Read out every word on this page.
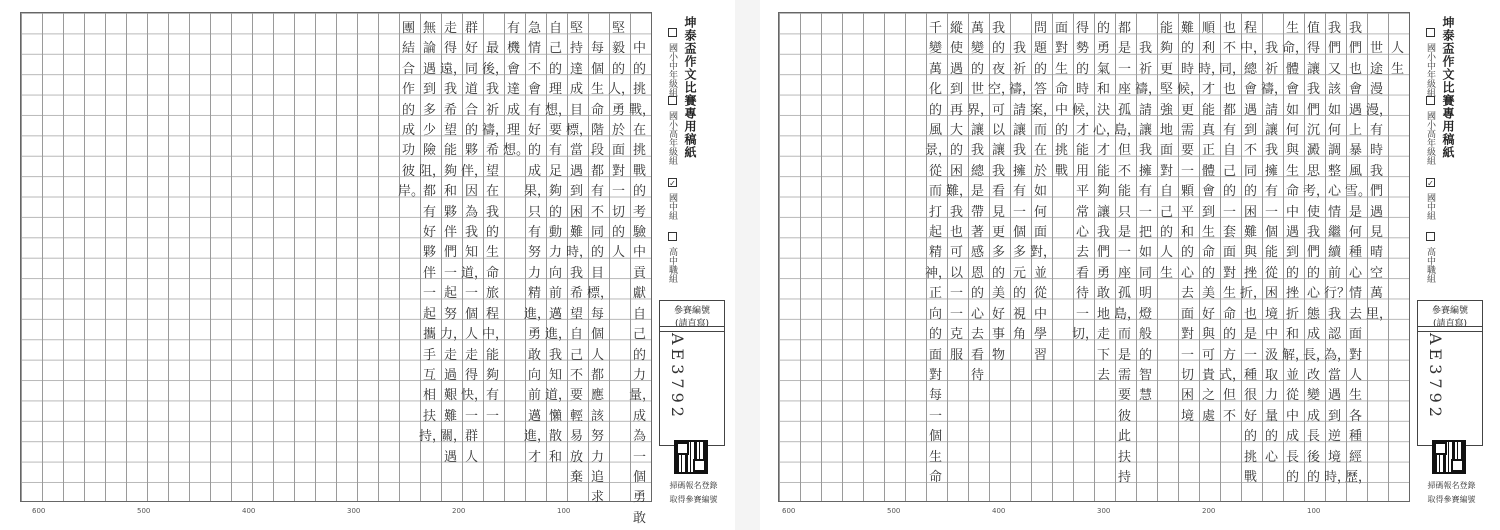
　　人生
　世途漫漫，有時我們遇見晴空萬里，
我們也會遇上暴風雪。是何種心情去面對人生各種經歷，
我們又該如何調整心情繼續前行？我認為，當遇到逆境時，
值得讓我們沉澱思考，使我們的心態成長，改變成長後的
生命，體會如何與生命中遇到的挫折和解，並從中成長的
　我祈禱，請讓我擁有一個能從困境中汲取力量的心
程中，總會遇到不同的困難與挫折，也是一種很好的挑戰
也不同，也都有自己的一套面對生命的方式，但不
順利時，才能真正體會到生命的美好與可貴之處
難的時候，更需要一顆平和的心去面對一切困境
能夠更堅強地面對自己的人生
　我祈禱，請讓我擁有一把如同明燈般的智慧
都是一座孤島，但不能只是一座孤島，而是需要彼此扶持
的勇氣和決心，才能夠讓我們勇敢地走下去
得勢的時候，才能用平常心去看待一切，
面對生命中的挑戰
問題的答案，而在於如何面對，並從中學習
　我祈禱，請讓我擁有一個多元的視角
我的夜空，可以讓我看見更多的美好事物
萬變的世界，讓我總是帶著感恩的心去看待
縱使遇到再大的困難，我也可以一一克服
千變萬化的風景，從而打起精神，正向的面對每一個生命
600	500	400	300	200	100
坤泰盃作文比賽專用稿紙
國小中年級組
國小高年級組
✓
國中組
高中職組
參賽編號
(請直寫)
AE3792
掃碼報名登錄
取得參賽編號
　中的挑戰，在挑戰的考驗中貢獻自己的力量，成為一個勇敢
堅毅的人，勇於面對一切的人
　每個生命階段都有不同的目標，每個人都應該努力追求
堅持達成目標，當遇到困難時，我希望自己不要輕易放棄
自己的理想，要有足夠的動力向前邁進，我知道，懶散和
急情不會有好的成果，只有努力精進，勇敢向前邁進，才
有機會達成理想。
　最後，我祈禱，希望在我的生命旅程中，能夠有一
群好同道合的夥伴，因為我知道，一個人走得快，一群人
走得遠，我希望能夠和夥伴們一起努力，走過艱難關，遇
無論遇到多少險阻，都有好夥伴一起攜手互相扶持，
團結合作的成功彼岸。
600	500	400	300	200	100
坤泰盃作文比賽專用稿紙
國小中年級組
國小高年級組
✓
國中組
高中職組
參賽編號
(請直寫)
AE3792
掃碼報名登錄
取得參賽編號
